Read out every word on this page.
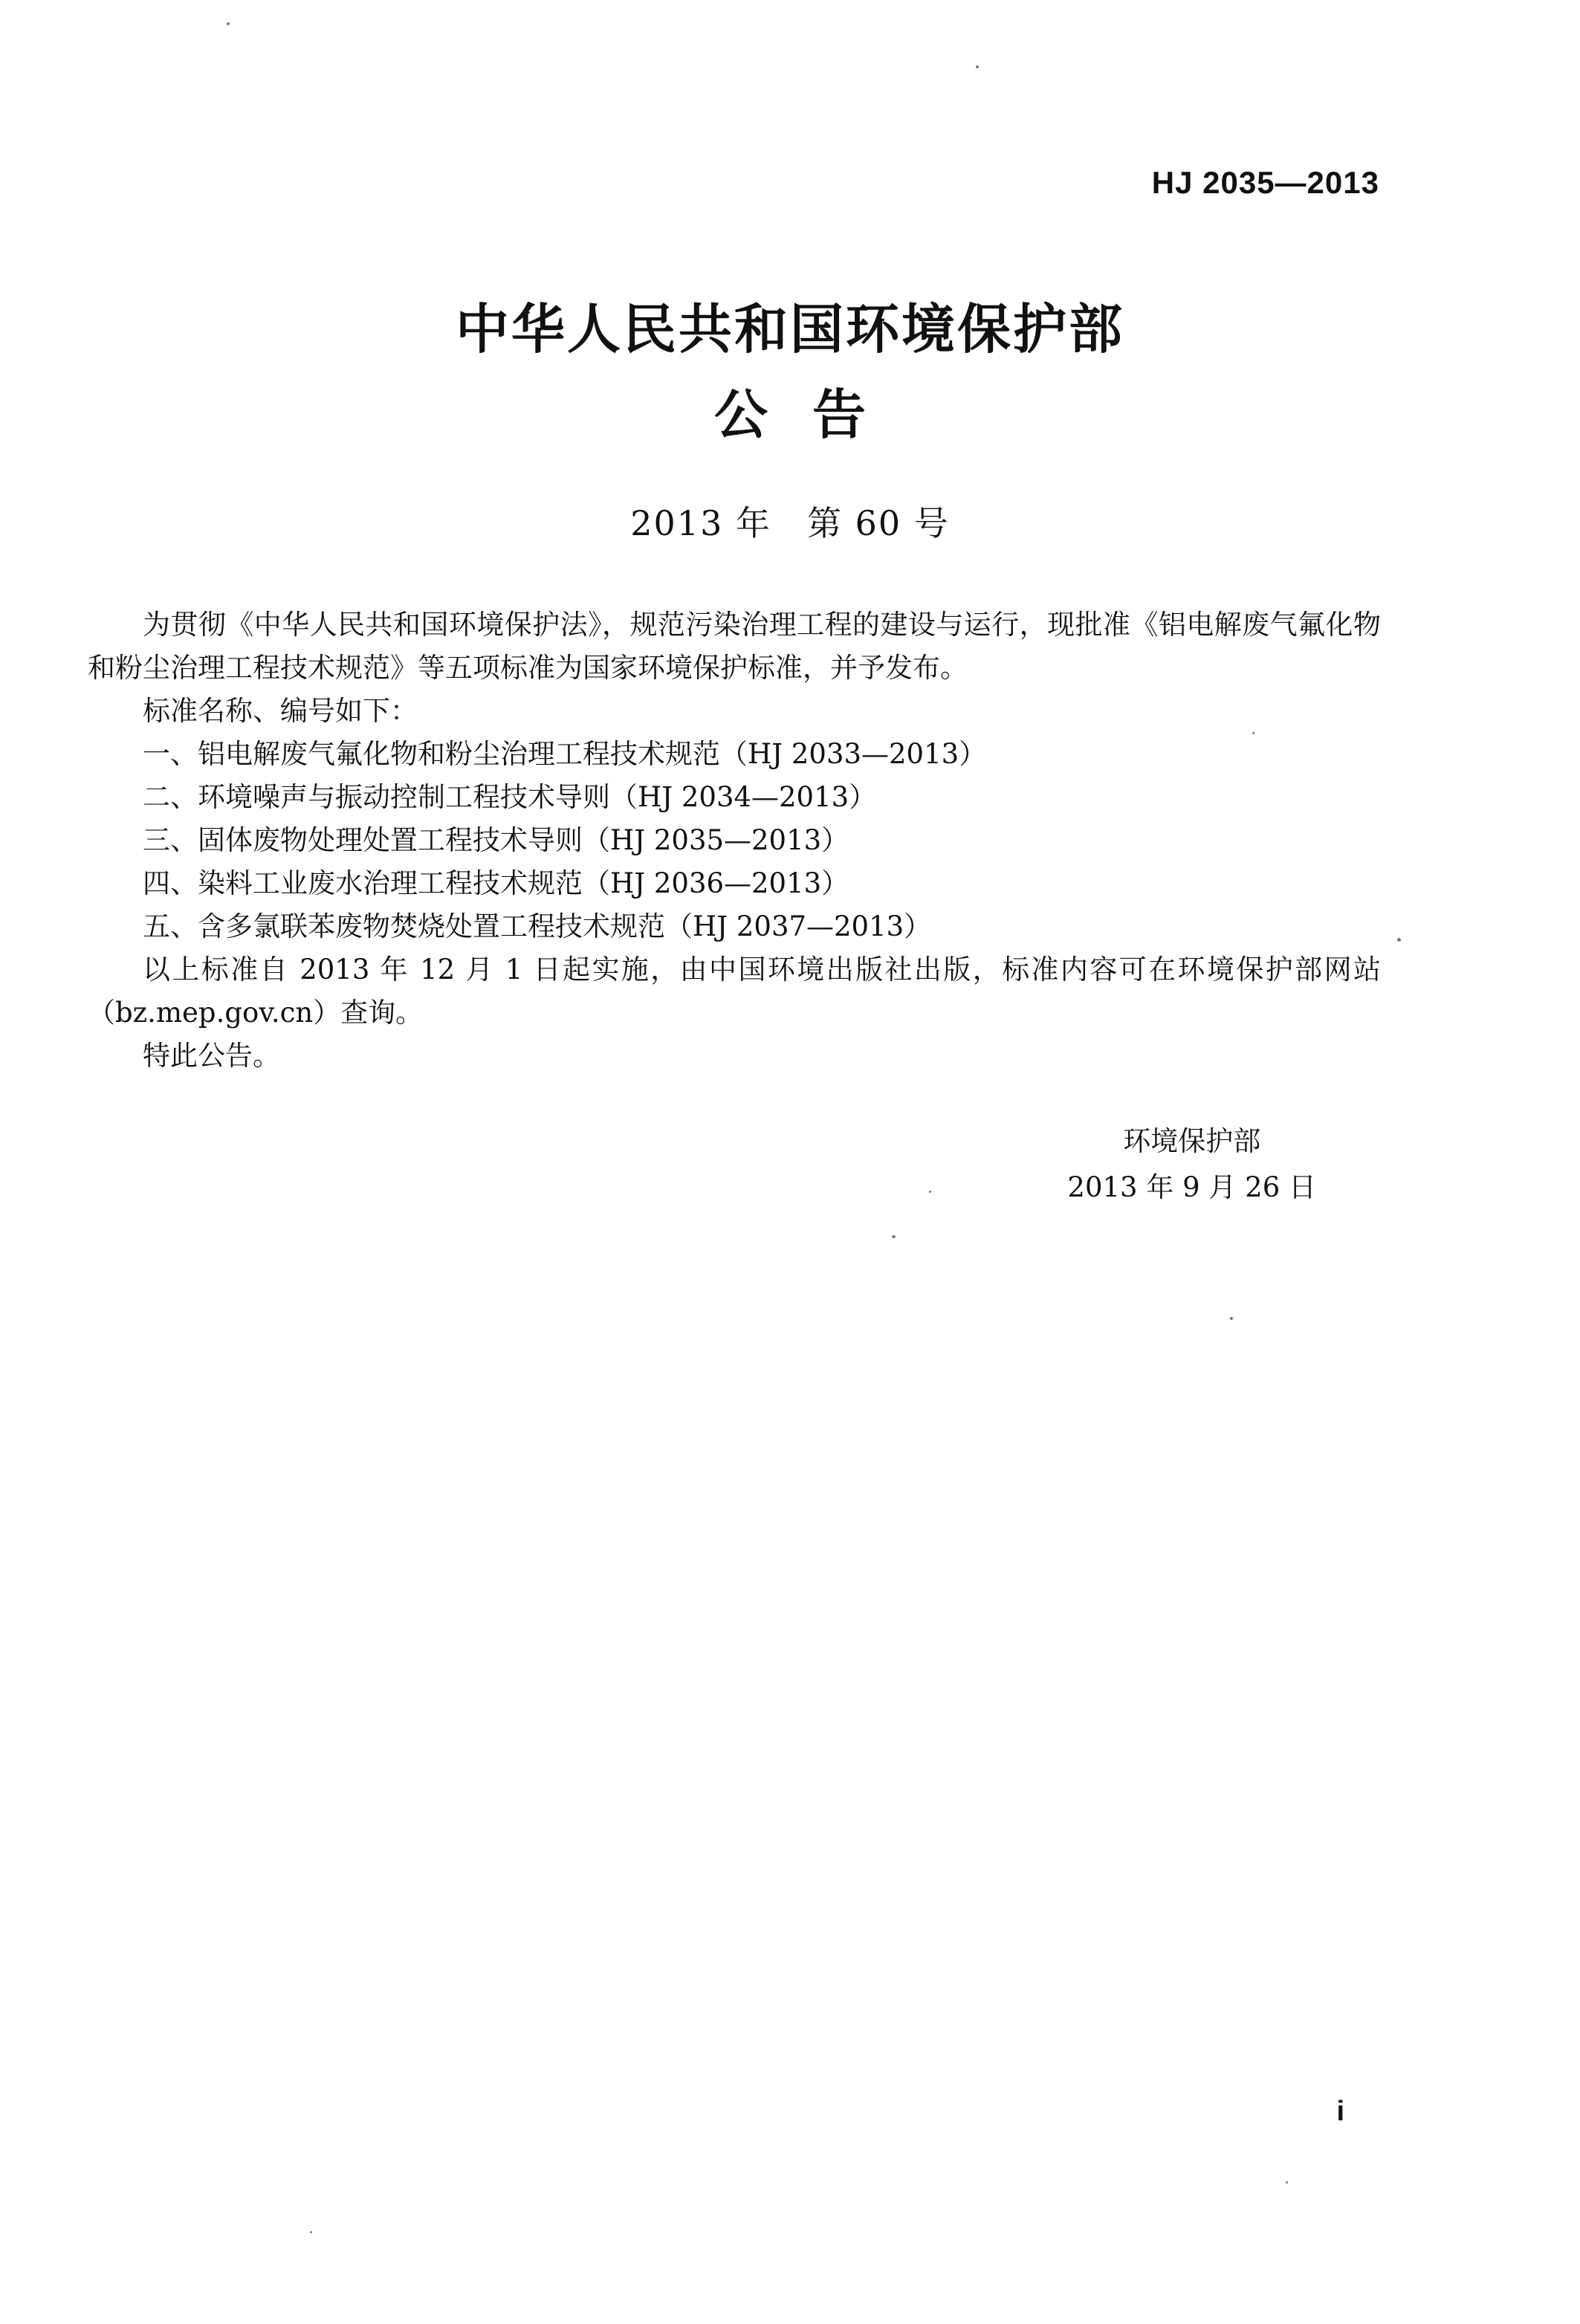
HJ 2035—2013
中华人民共和国环境保护部
公告
2013 年　第 60 号

为贯彻《中华人民共和国环境保护法》，规范污染治理工程的建设与运行，现批准《铝电解废气氟化物和粉尘治理工程技术规范》等五项标准为国家环境保护标准，并予发布。

标准名称、编号如下：

一、铝电解废气氟化物和粉尘治理工程技术规范（HJ 2033—2013）

二、环境噪声与振动控制工程技术导则（HJ 2034—2013）

三、固体废物处理处置工程技术导则（HJ 2035—2013）

四、染料工业废水治理工程技术规范（HJ 2036—2013）

五、含多氯联苯废物焚烧处置工程技术规范（HJ 2037—2013）

以上标准自 2013 年 12 月 1 日起实施，由中国环境出版社出版，标准内容可在环境保护部网站（bz.mep.gov.cn）查询。

特此公告。

环境保护部
2013 年 9 月 26 日
i
